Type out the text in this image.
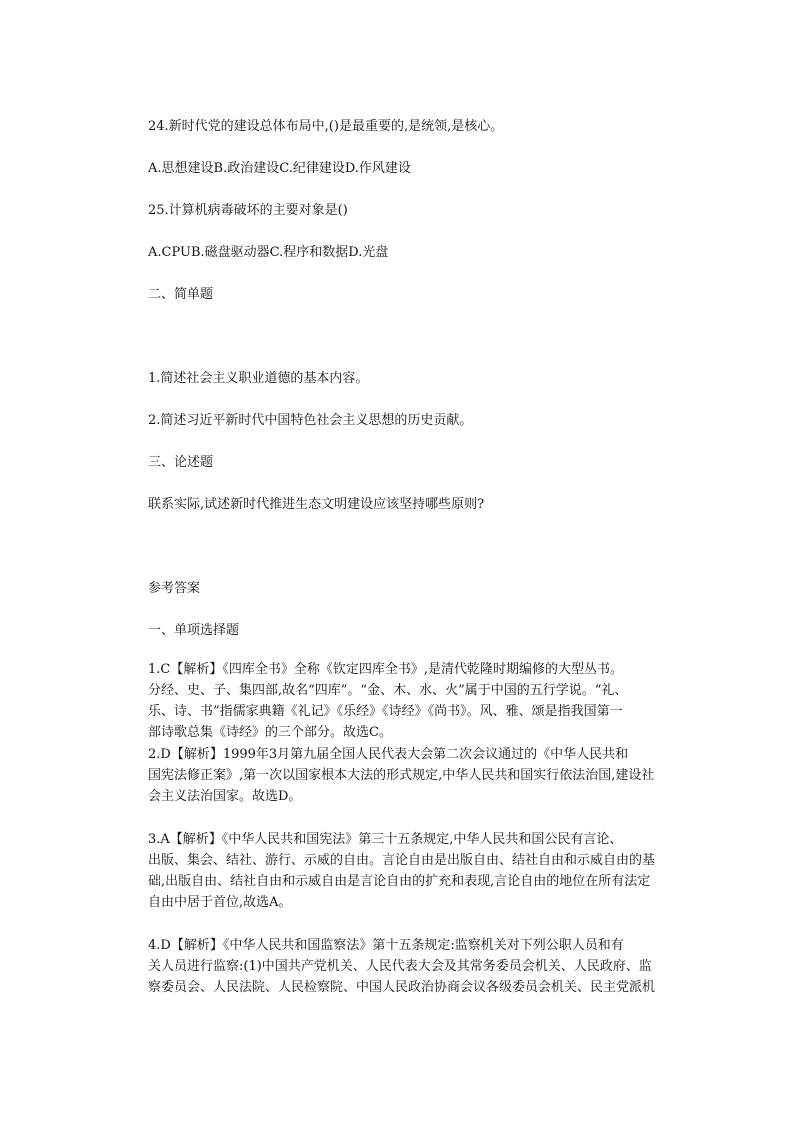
24.新时代党的建设总体布局中,()是最重要的,是统领,是核心。

A.思想建设B.政治建设C.纪律建设D.作风建设

25.计算机病毒破坏的主要对象是()

A.CPUB.磁盘驱动器C.程序和数据D.光盘

二、简单题

1.简述社会主义职业道德的基本内容。

2.简述习近平新时代中国特色社会主义思想的历史贡献。

三、论述题

联系实际,试述新时代推进生态文明建设应该坚持哪些原则?

参考答案

一、单项选择题

1.C【解析】《四库全书》全称《钦定四库全书》,是清代乾隆时期编修的大型丛书。
分经、史、子、集四部,故名“四库”。“金、木、水、火”属于中国的五行学说。“礼、
乐、诗、书”指儒家典籍《礼记》《乐经》《诗经》《尚书》。风、雅、颂是指我国第一
部诗歌总集《诗经》的三个部分。故选C。
2.D【解析】1999年3月第九届全国人民代表大会第二次会议通过的《中华人民共和
国宪法修正案》,第一次以国家根本大法的形式规定,中华人民共和国实行依法治国,建设社
会主义法治国家。故选D。
3.A【解析】《中华人民共和国宪法》第三十五条规定,中华人民共和国公民有言论、
出版、集会、结社、游行、示威的自由。言论自由是出版自由、结社自由和示威自由的基
础,出版自由、结社自由和示威自由是言论自由的扩充和表现,言论自由的地位在所有法定
自由中居于首位,故选A。
4.D【解析】《中华人民共和国监察法》第十五条规定:监察机关对下列公职人员和有
关人员进行监察:(1)中国共产党机关、人民代表大会及其常务委员会机关、人民政府、监
察委员会、人民法院、人民检察院、中国人民政治协商会议各级委员会机关、民主党派机
